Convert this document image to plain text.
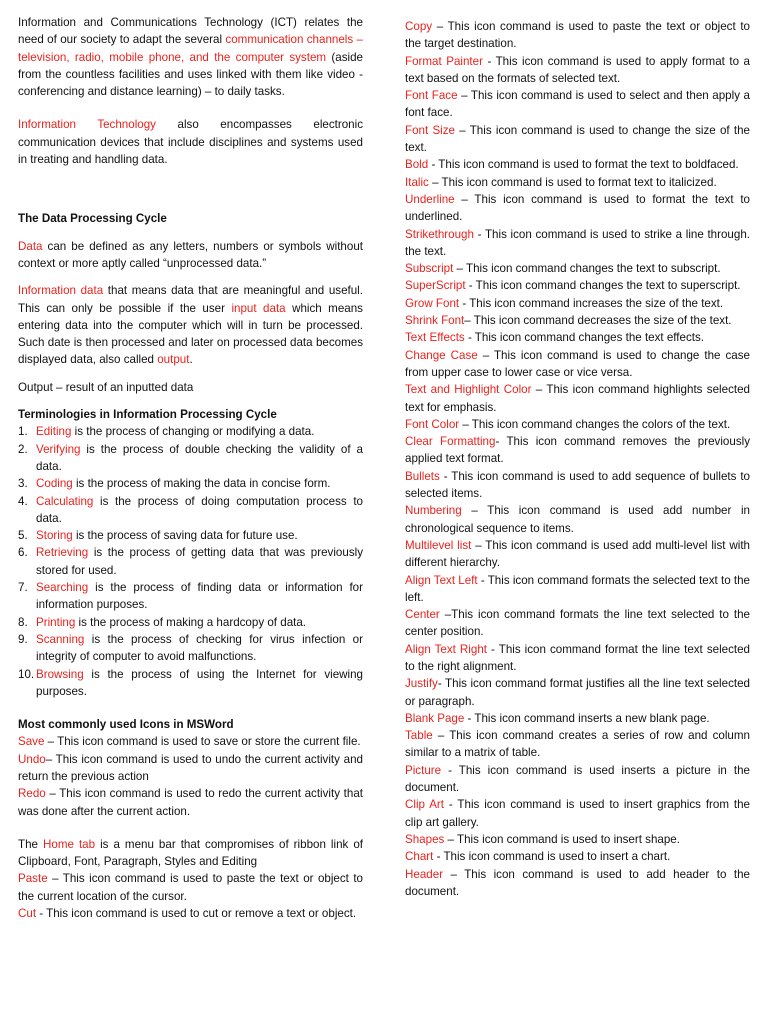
Information and Communications Technology (ICT) relates the need of our society to adapt the several communication channels – television, radio, mobile phone, and the computer system (aside from the countless facilities and uses linked with them like video -conferencing and distance learning) – to daily tasks.

Information Technology also encompasses electronic communication devices that include disciplines and systems used in treating and handling data.

The Data Processing Cycle

Data can be defined as any letters, numbers or symbols without context or more aptly called “unprocessed data.”

Information data that means data that are meaningful and useful. This can only be possible if the user input data which means entering data into the computer which will in turn be processed. Such date is then processed and later on processed data becomes displayed data, also called output.

Output – result of an inputted data

Terminologies in Information Processing Cycle

1. Editing is the process of changing or modifying a data.
2. Verifying is the process of double checking the validity of a data.
3. Coding is the process of making the data in concise form.
4. Calculating is the process of doing computation process to data.
5. Storing is the process of saving data for future use.
6. Retrieving is the process of getting data that was previously stored for used.
7. Searching is the process of finding data or information for information purposes.
8. Printing is the process of making a hardcopy of data.
9. Scanning is the process of checking for virus infection or integrity of computer to avoid malfunctions.
10. Browsing is the process of using the Internet for viewing purposes.

Most commonly used Icons in MSWord

Save – This icon command is used to save or store the current file.

Undo– This icon command is used to undo the current activity and return the previous action

Redo – This icon command is used to redo the current activity that was done after the current action.

The Home tab is a menu bar that compromises of ribbon link of Clipboard, Font, Paragraph, Styles and Editing

Paste – This icon command is used to paste the text or object to the current location of the cursor.

Cut - This icon command is used to cut or remove a text or object.

Copy – This icon command is used to paste the text or object to the target destination.

Format Painter - This icon command is used to apply format to a text based on the formats of selected text.

Font Face – This icon command is used to select and then apply a font face.

Font Size – This icon command is used to change the size of the text.

Bold - This icon command is used to format the text to boldfaced.

Italic – This icon command is used to format text to italicized.

Underline – This icon command is used to format the text to underlined.

Strikethrough - This icon command is used to strike a line through. the text.

Subscript – This icon command changes the text to subscript.

SuperScript - This icon command changes the text to superscript.

Grow Font - This icon command increases the size of the text.

Shrink Font– This icon command decreases the size of the text.

Text Effects - This icon command changes the text effects.

Change Case – This icon command is used to change the case from upper case to lower case or vice versa.

Text and Highlight Color – This icon command highlights selected text for emphasis.

Font Color – This icon command changes the colors of the text.

Clear Formatting- This icon command removes the previously applied text format.

Bullets - This icon command is used to add sequence of bullets to selected items.

Numbering – This icon command is used add number in chronological sequence to items.

Multilevel list – This icon command is used add multi-level list with different hierarchy.

Align Text Left - This icon command formats the selected text to the left.

Center –This icon command formats the line text selected to the center position.

Align Text Right - This icon command format the line text selected to the right alignment.

Justify- This icon command format justifies all the line text selected or paragraph.

Blank Page - This icon command inserts a new blank page.

Table – This icon command creates a series of row and column similar to a matrix of table.

Picture - This icon command is used inserts a picture in the document.

Clip Art - This icon command is used to insert graphics from the clip art gallery.

Shapes – This icon command is used to insert shape.

Chart - This icon command is used to insert a chart.

Header – This icon command is used to add header to the document.
